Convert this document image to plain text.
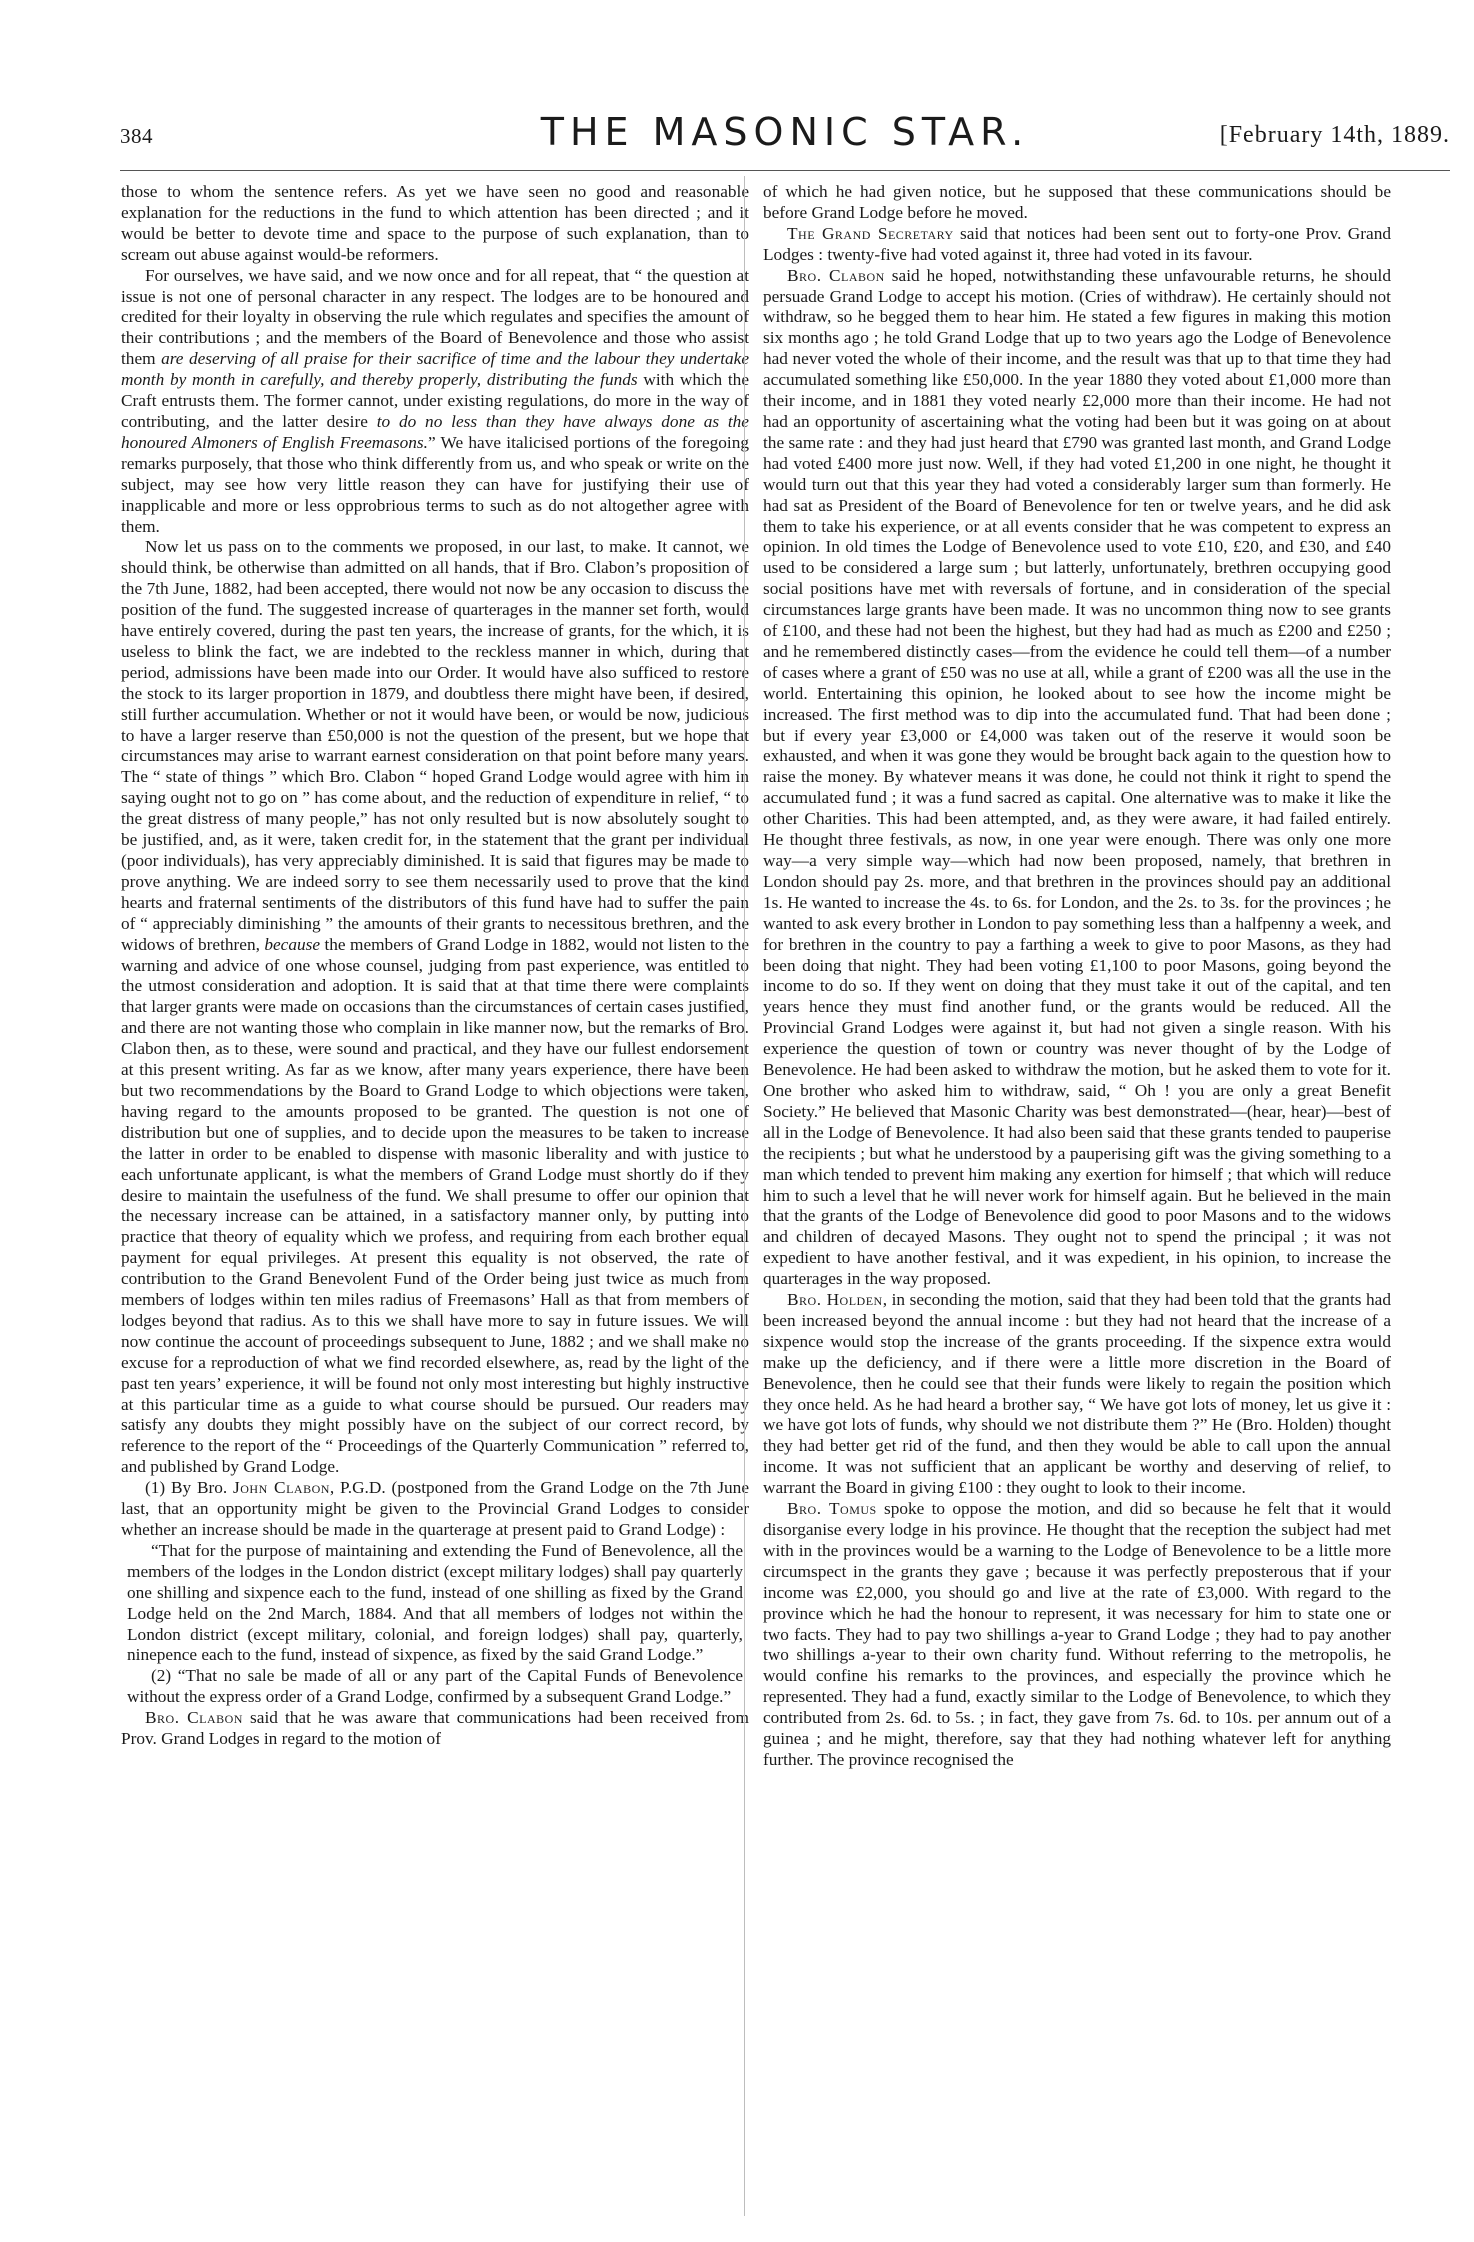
384	THE MASONIC STAR.	[February 14th, 1889.

those to whom the sentence refers. As yet we have seen no good and reasonable explanation for the reductions in the fund to which attention has been directed ; and it would be better to devote time and space to the purpose of such explanation, than to scream out abuse against would-be reformers.

For ourselves, we have said, and we now once and for all repeat, that “ the question at issue is not one of personal character in any respect. The lodges are to be honoured and credited for their loyalty in observing the rule which regulates and specifies the amount of their contributions ; and the members of the Board of Benevolence and those who assist them are deserving of all praise for their sacrifice of time and the labour they undertake month by month in carefully, and thereby properly, distributing the funds with which the Craft entrusts them. The former cannot, under existing regulations, do more in the way of contributing, and the latter desire to do no less than they have always done as the honoured Almoners of English Freemasons.” We have italicised portions of the foregoing remarks purposely, that those who think differently from us, and who speak or write on the subject, may see how very little reason they can have for justifying their use of inapplicable and more or less opprobrious terms to such as do not altogether agree with them.

Now let us pass on to the comments we proposed, in our last, to make. It cannot, we should think, be otherwise than admitted on all hands, that if Bro. Clabon’s proposition of the 7th June, 1882, had been accepted, there would not now be any occasion to discuss the position of the fund. The suggested increase of quarterages in the manner set forth, would have entirely covered, during the past ten years, the increase of grants, for the which, it is useless to blink the fact, we are indebted to the reckless manner in which, during that period, admissions have been made into our Order. It would have also sufficed to restore the stock to its larger proportion in 1879, and doubtless there might have been, if desired, still further accumulation. Whether or not it would have been, or would be now, judicious to have a larger reserve than £50,000 is not the question of the present, but we hope that circumstances may arise to warrant earnest consideration on that point before many years. The “ state of things ” which Bro. Clabon “ hoped Grand Lodge would agree with him in saying ought not to go on ” has come about, and the reduction of expenditure in relief, “ to the great distress of many people,” has not only resulted but is now absolutely sought to be justified, and, as it were, taken credit for, in the statement that the grant per individual (poor individuals), has very appreciably diminished. It is said that figures may be made to prove anything. We are indeed sorry to see them necessarily used to prove that the kind hearts and fraternal sentiments of the distributors of this fund have had to suffer the pain of “ appreciably diminishing ” the amounts of their grants to necessitous brethren, and the widows of brethren, because the members of Grand Lodge in 1882, would not listen to the warning and advice of one whose counsel, judging from past experience, was entitled to the utmost consideration and adoption. It is said that at that time there were complaints that larger grants were made on occasions than the circumstances of certain cases justified, and there are not wanting those who complain in like manner now, but the remarks of Bro. Clabon then, as to these, were sound and practical, and they have our fullest endorsement at this present writing. As far as we know, after many years experience, there have been but two recommendations by the Board to Grand Lodge to which objections were taken, having regard to the amounts proposed to be granted. The question is not one of distribution but one of supplies, and to decide upon the measures to be taken to increase the latter in order to be enabled to dispense with masonic liberality and with justice to each unfortunate applicant, is what the members of Grand Lodge must shortly do if they desire to maintain the usefulness of the fund. We shall presume to offer our opinion that the necessary increase can be attained, in a satisfactory manner only, by putting into practice that theory of equality which we profess, and requiring from each brother equal payment for equal privileges. At present this equality is not observed, the rate of contribution to the Grand Benevolent Fund of the Order being just twice as much from members of lodges within ten miles radius of Freemasons’ Hall as that from members of lodges beyond that radius. As to this we shall have more to say in future issues. We will now continue the account of proceedings subsequent to June, 1882 ; and we shall make no excuse for a reproduction of what we find recorded elsewhere, as, read by the light of the past ten years’ experience, it will be found not only most interesting but highly instructive at this particular time as a guide to what course should be pursued. Our readers may satisfy any doubts they might possibly have on the subject of our correct record, by reference to the report of the “ Proceedings of the Quarterly Communication ” referred to, and published by Grand Lodge.

(1) By Bro. John Clabon, P.G.D. (postponed from the Grand Lodge on the 7th June last, that an opportunity might be given to the Provincial Grand Lodges to consider whether an increase should be made in the quarterage at present paid to Grand Lodge) :

“That for the purpose of maintaining and extending the Fund of Benevolence, all the members of the lodges in the London district (except military lodges) shall pay quarterly one shilling and sixpence each to the fund, instead of one shilling as fixed by the Grand Lodge held on the 2nd March, 1884. And that all members of lodges not within the London district (except military, colonial, and foreign lodges) shall pay, quarterly, ninepence each to the fund, instead of sixpence, as fixed by the said Grand Lodge.”

(2) “That no sale be made of all or any part of the Capital Funds of Benevolence without the express order of a Grand Lodge, confirmed by a subsequent Grand Lodge.”

Bro. Clabon said that he was aware that communications had been received from Prov. Grand Lodges in regard to the motion of

of which he had given notice, but he supposed that these communications should be before Grand Lodge before he moved.

The Grand Secretary said that notices had been sent out to forty-one Prov. Grand Lodges : twenty-five had voted against it, three had voted in its favour.

Bro. Clabon said he hoped, notwithstanding these unfavourable returns, he should persuade Grand Lodge to accept his motion. (Cries of withdraw). He certainly should not withdraw, so he begged them to hear him. He stated a few figures in making this motion six months ago ; he told Grand Lodge that up to two years ago the Lodge of Benevolence had never voted the whole of their income, and the result was that up to that time they had accumulated something like £50,000. In the year 1880 they voted about £1,000 more than their income, and in 1881 they voted nearly £2,000 more than their income. He had not had an opportunity of ascertaining what the voting had been but it was going on at about the same rate : and they had just heard that £790 was granted last month, and Grand Lodge had voted £400 more just now. Well, if they had voted £1,200 in one night, he thought it would turn out that this year they had voted a considerably larger sum than formerly. He had sat as President of the Board of Benevolence for ten or twelve years, and he did ask them to take his experience, or at all events consider that he was competent to express an opinion. In old times the Lodge of Benevolence used to vote £10, £20, and £30, and £40 used to be considered a large sum ; but latterly, unfortunately, brethren occupying good social positions have met with reversals of fortune, and in consideration of the special circumstances large grants have been made. It was no uncommon thing now to see grants of £100, and these had not been the highest, but they had had as much as £200 and £250 ; and he remembered distinctly cases—from the evidence he could tell them—of a number of cases where a grant of £50 was no use at all, while a grant of £200 was all the use in the world. Entertaining this opinion, he looked about to see how the income might be increased. The first method was to dip into the accumulated fund. That had been done ; but if every year £3,000 or £4,000 was taken out of the reserve it would soon be exhausted, and when it was gone they would be brought back again to the question how to raise the money. By whatever means it was done, he could not think it right to spend the accumulated fund ; it was a fund sacred as capital. One alternative was to make it like the other Charities. This had been attempted, and, as they were aware, it had failed entirely. He thought three festivals, as now, in one year were enough. There was only one more way—a very simple way—which had now been proposed, namely, that brethren in London should pay 2s. more, and that brethren in the provinces should pay an additional 1s. He wanted to increase the 4s. to 6s. for London, and the 2s. to 3s. for the provinces ; he wanted to ask every brother in London to pay something less than a halfpenny a week, and for brethren in the country to pay a farthing a week to give to poor Masons, as they had been doing that night. They had been voting £1,100 to poor Masons, going beyond the income to do so. If they went on doing that they must take it out of the capital, and ten years hence they must find another fund, or the grants would be reduced. All the Provincial Grand Lodges were against it, but had not given a single reason. With his experience the question of town or country was never thought of by the Lodge of Benevolence. He had been asked to withdraw the motion, but he asked them to vote for it. One brother who asked him to withdraw, said, “ Oh ! you are only a great Benefit Society.” He believed that Masonic Charity was best demonstrated—(hear, hear)—best of all in the Lodge of Benevolence. It had also been said that these grants tended to pauperise the recipients ; but what he understood by a pauperising gift was the giving something to a man which tended to prevent him making any exertion for himself ; that which will reduce him to such a level that he will never work for himself again. But he believed in the main that the grants of the Lodge of Benevolence did good to poor Masons and to the widows and children of decayed Masons. They ought not to spend the principal ; it was not expedient to have another festival, and it was expedient, in his opinion, to increase the quarterages in the way proposed.

Bro. Holden, in seconding the motion, said that they had been told that the grants had been increased beyond the annual income : but they had not heard that the increase of a sixpence would stop the increase of the grants proceeding. If the sixpence extra would make up the deficiency, and if there were a little more discretion in the Board of Benevolence, then he could see that their funds were likely to regain the position which they once held. As he had heard a brother say, “ We have got lots of money, let us give it : we have got lots of funds, why should we not distribute them ?” He (Bro. Holden) thought they had better get rid of the fund, and then they would be able to call upon the annual income. It was not sufficient that an applicant be worthy and deserving of relief, to warrant the Board in giving £100 : they ought to look to their income.

Bro. Tomus spoke to oppose the motion, and did so because he felt that it would disorganise every lodge in his province. He thought that the reception the subject had met with in the provinces would be a warning to the Lodge of Benevolence to be a little more circumspect in the grants they gave ; because it was perfectly preposterous that if your income was £2,000, you should go and live at the rate of £3,000. With regard to the province which he had the honour to represent, it was necessary for him to state one or two facts. They had to pay two shillings a-year to Grand Lodge ; they had to pay another two shillings a-year to their own charity fund. Without referring to the metropolis, he would confine his remarks to the provinces, and especially the province which he represented. They had a fund, exactly similar to the Lodge of Benevolence, to which they contributed from 2s. 6d. to 5s. ; in fact, they gave from 7s. 6d. to 10s. per annum out of a guinea ; and he might, therefore, say that they had nothing whatever left for anything further. The province recognised the
